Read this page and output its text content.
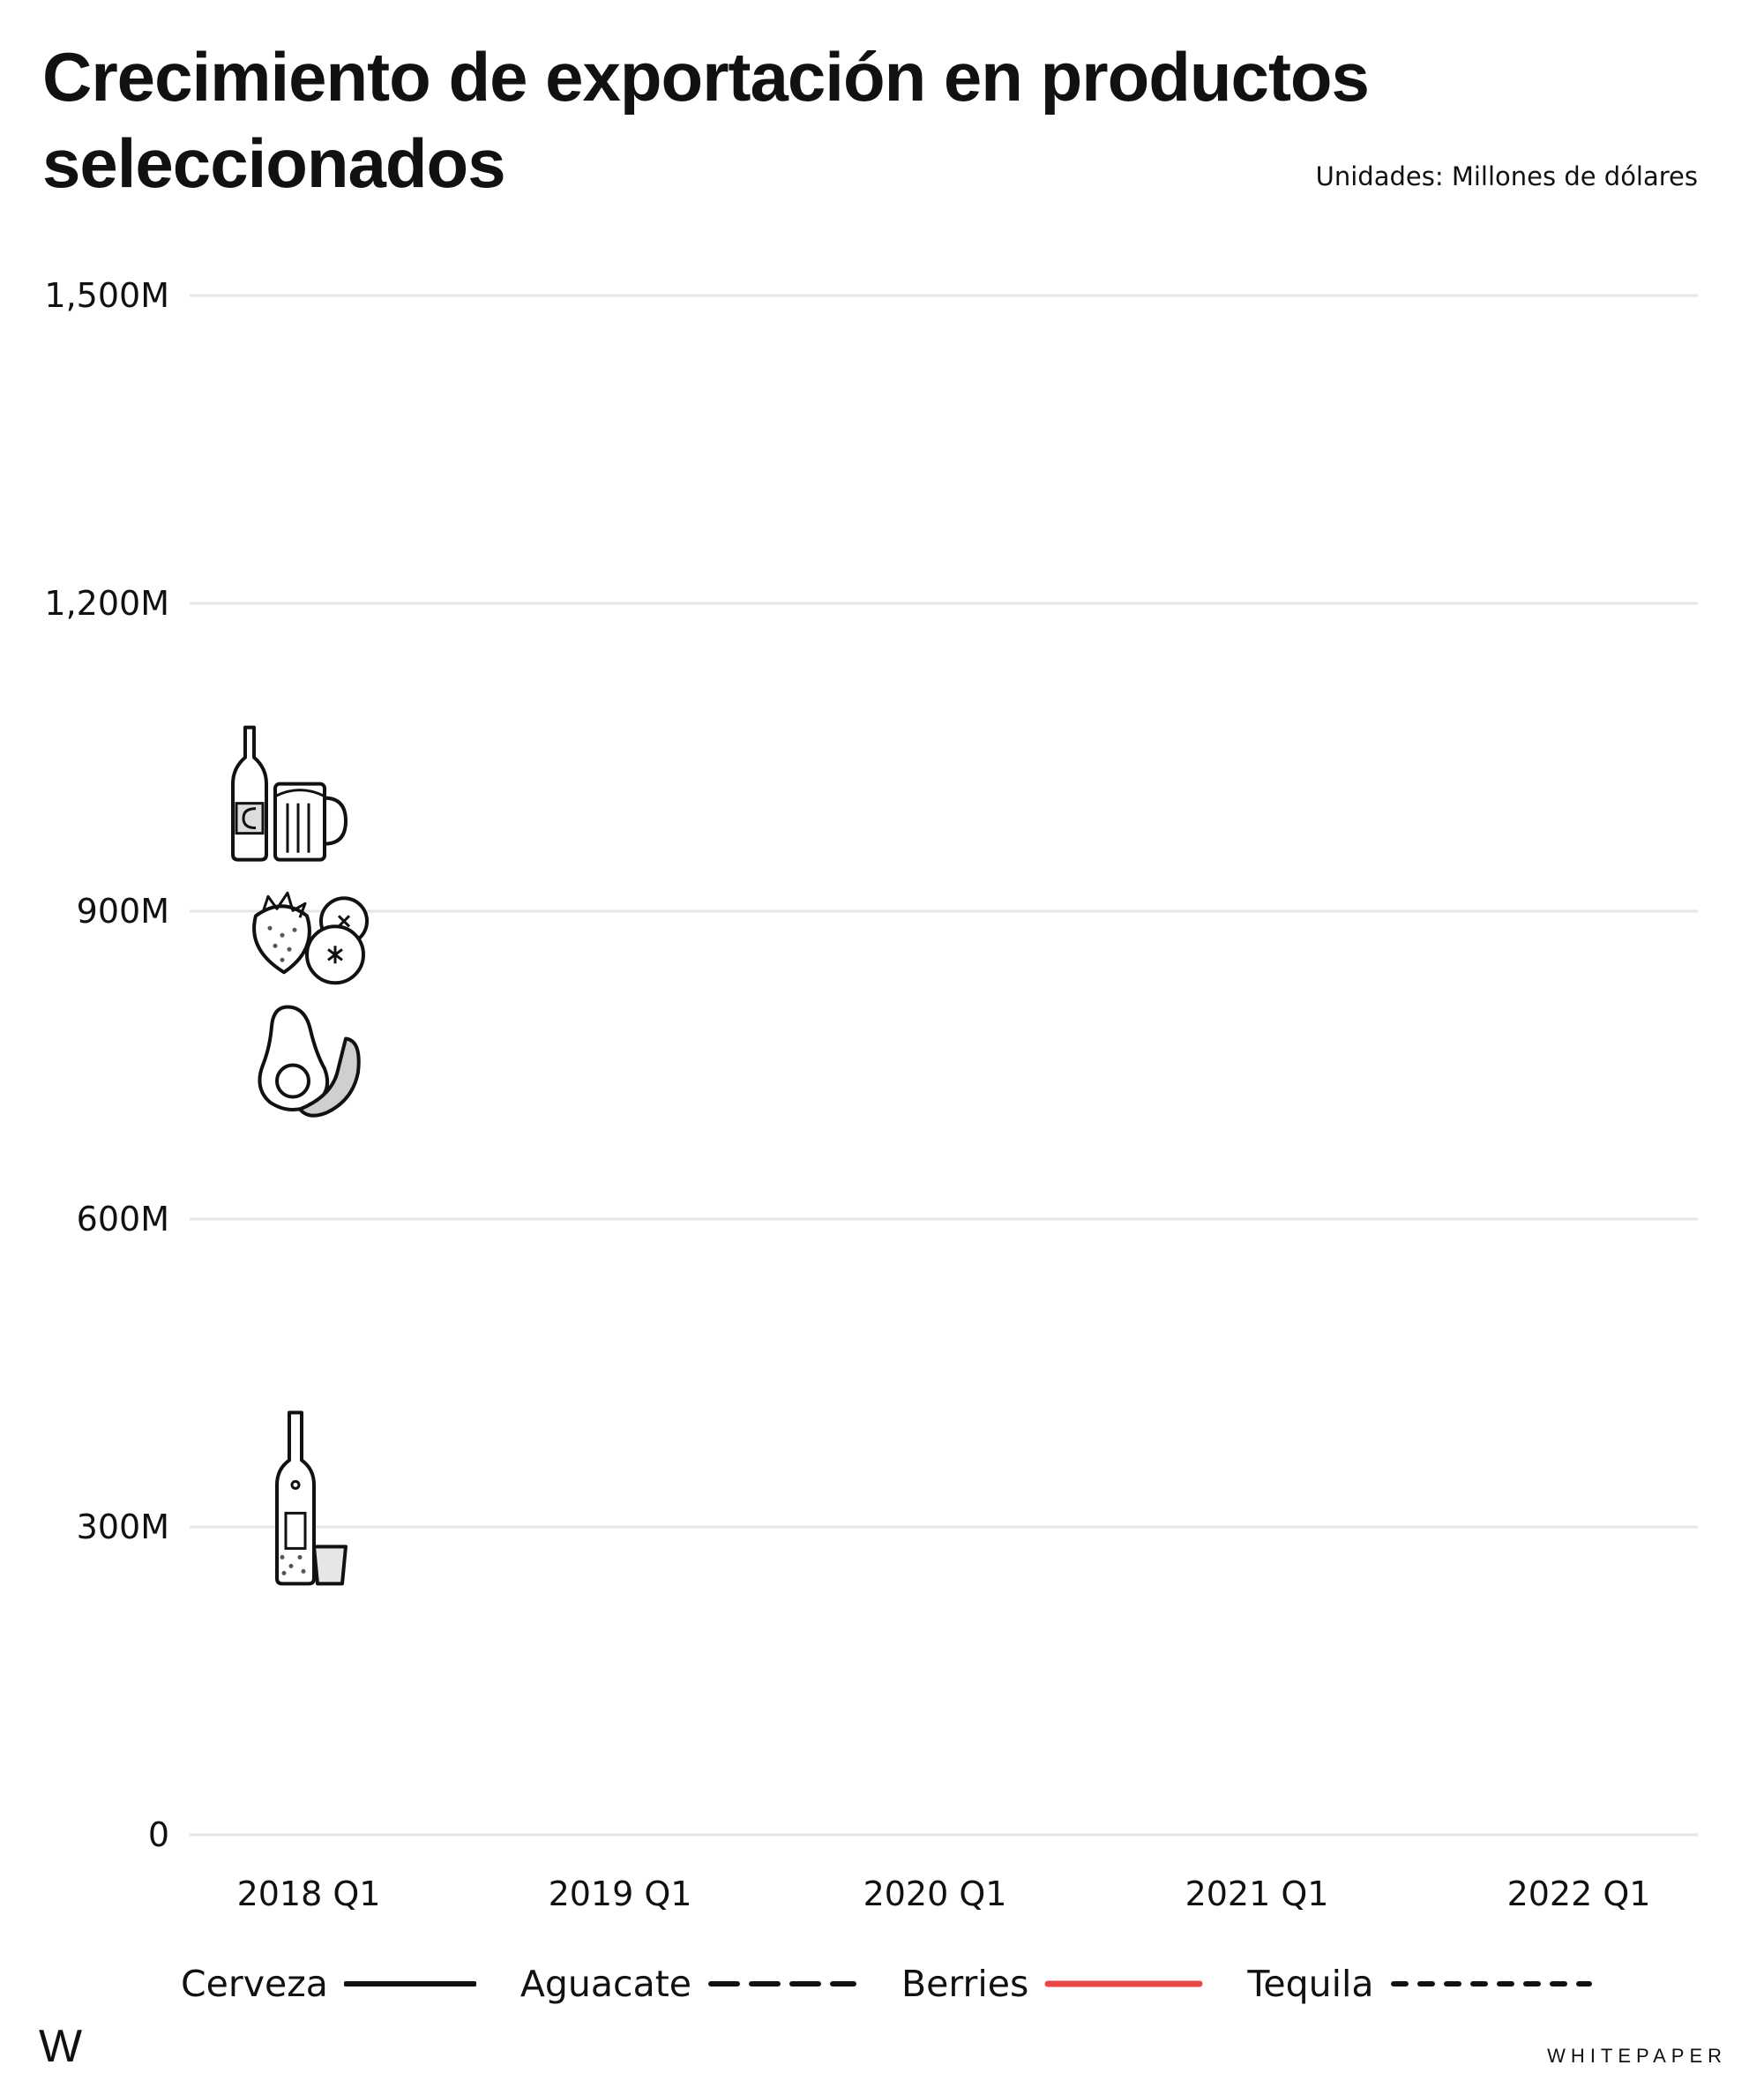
Crecimiento de exportación en productos seleccionados	Unidades: Millones de dólares
0
300M
600M
900M
1,200M
1,500M
2018 Q1	2019 Q1	2020 Q1	2021 Q1	2022 Q1
Cerveza	Aguacate	Berries	Tequila
W	WHITEPAPER
